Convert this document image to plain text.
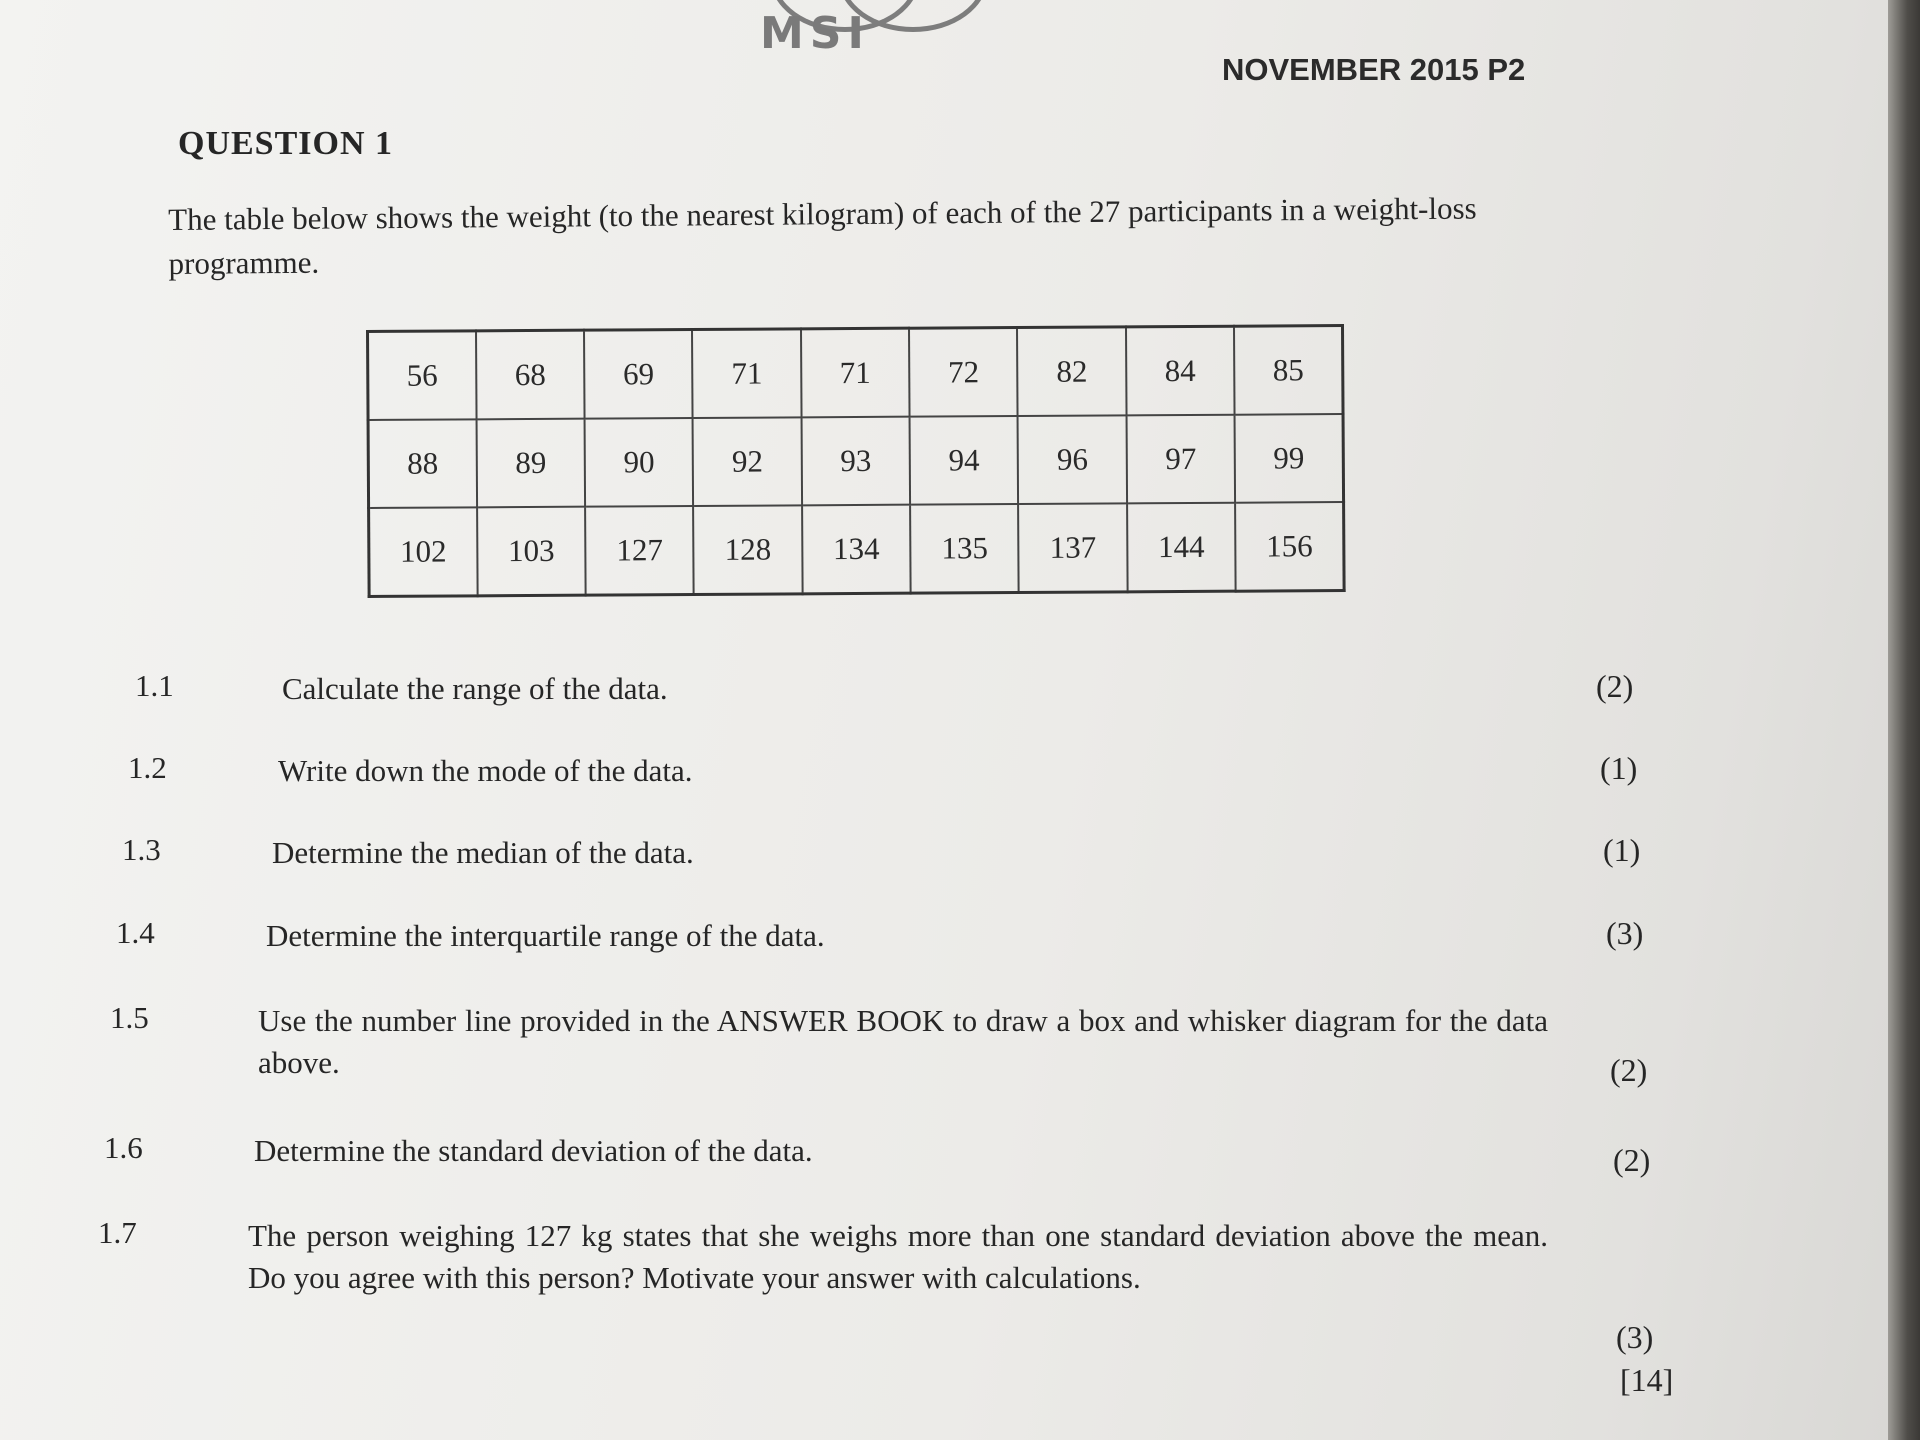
MSI
NOVEMBER 2015 P2
QUESTION 1
The table below shows the weight (to the nearest kilogram) of each of the 27 participants in a weight-loss programme.
56	68	69	71	71	72	82	84	85
88	89	90	92	93	94	96	97	99
102	103	127	128	134	135	137	144	156
1.1	Calculate the range of the data.	(2)
1.2	Write down the mode of the data.	(1)
1.3	Determine the median of the data.	(1)
1.4	Determine the interquartile range of the data.	(3)
1.5	Use the number line provided in the ANSWER BOOK to draw a box and whisker diagram for the data above.	(2)
1.6	Determine the standard deviation of the data.	(2)
1.7	The person weighing 127 kg states that she weighs more than one standard deviation above the mean. Do you agree with this person? Motivate your answer with calculations.
(3)
[14]
